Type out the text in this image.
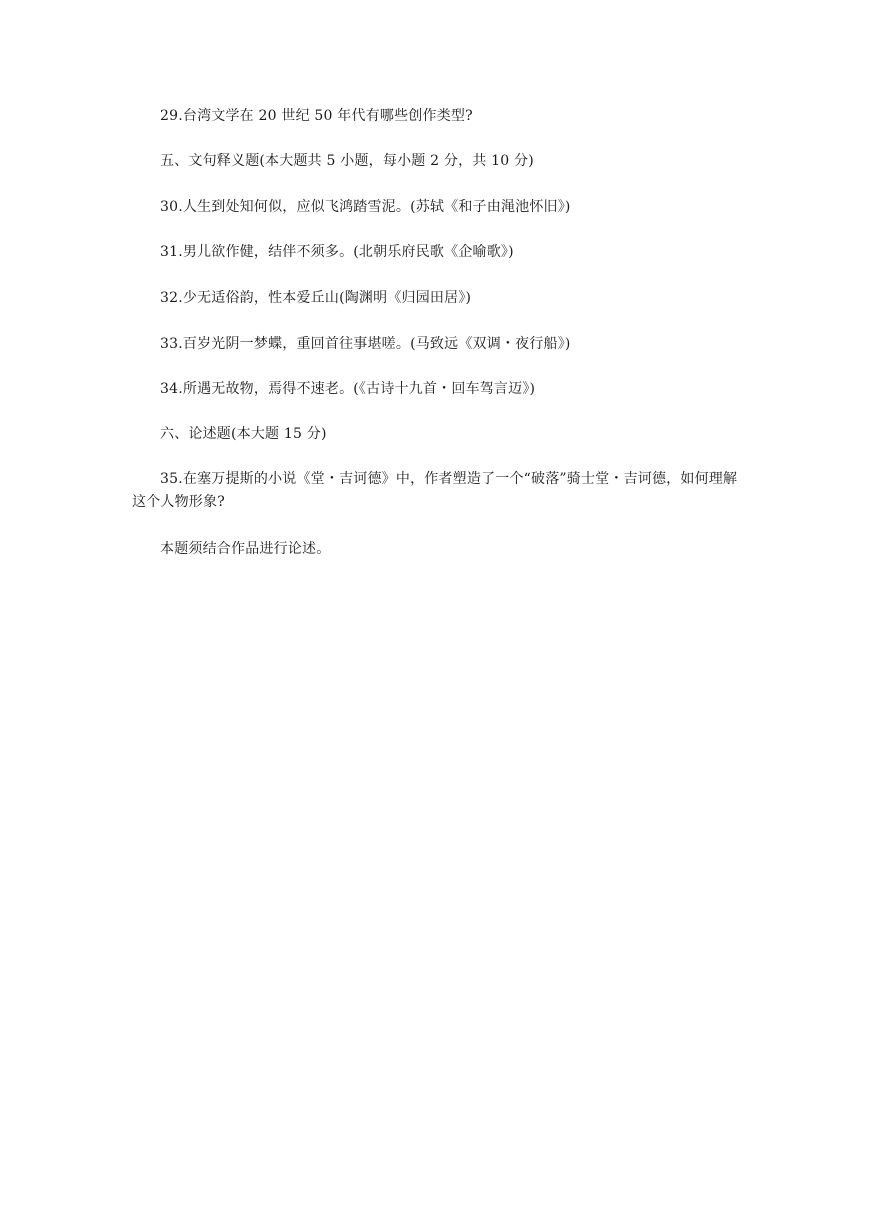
29.台湾文学在 20 世纪 50 年代有哪些创作类型?
五、文句释义题(本大题共 5 小题，每小题 2 分，共 10 分)
30.人生到处知何似，应似飞鸿踏雪泥。(苏轼《和子由渑池怀旧》)
31.男儿欲作健，结伴不须多。(北朝乐府民歌《企喻歌》)
32.少无适俗韵，性本爱丘山(陶渊明《归园田居》)
33.百岁光阴一梦蝶，重回首往事堪嗟。(马致远《双调・夜行船》)
34.所遇无故物，焉得不速老。(《古诗十九首・回车驾言迈》)
六、论述题(本大题 15 分)
35.在塞万提斯的小说《堂・吉诃德》中，作者塑造了一个“破落”骑士堂・吉诃德，如何理解这个人物形象?
本题须结合作品进行论述。
